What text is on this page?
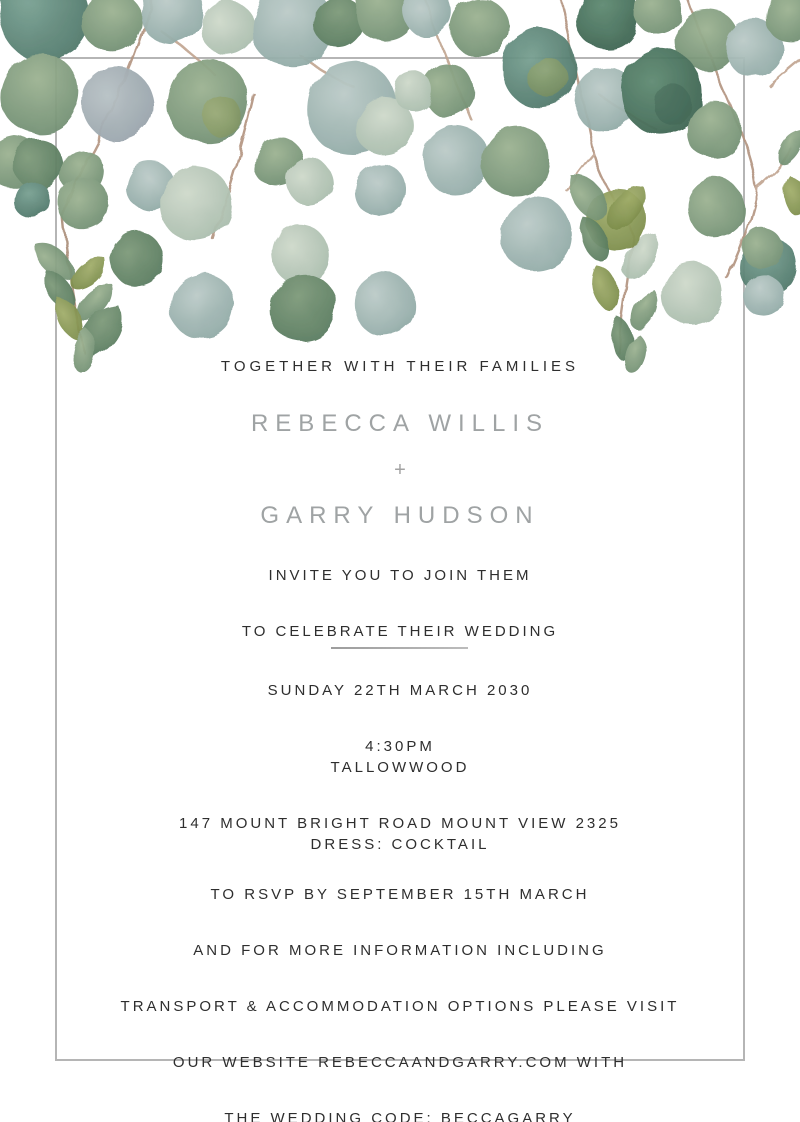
TOGETHER WITH THEIR FAMILIES
REBECCA WILLIS
+
GARRY HUDSON
INVITE YOU TO JOIN THEM

TO CELEBRATE THEIR WEDDING
SUNDAY 22TH MARCH 2030

4:30PM
TALLOWWOOD

147 MOUNT BRIGHT ROAD MOUNT VIEW 2325
DRESS: COCKTAIL
TO RSVP BY SEPTEMBER 15TH MARCH

AND FOR MORE INFORMATION INCLUDING

TRANSPORT & ACCOMMODATION OPTIONS PLEASE VISIT

OUR WEBSITE REBECCAANDGARRY.COM WITH

THE WEDDING CODE: BECCAGARRY
